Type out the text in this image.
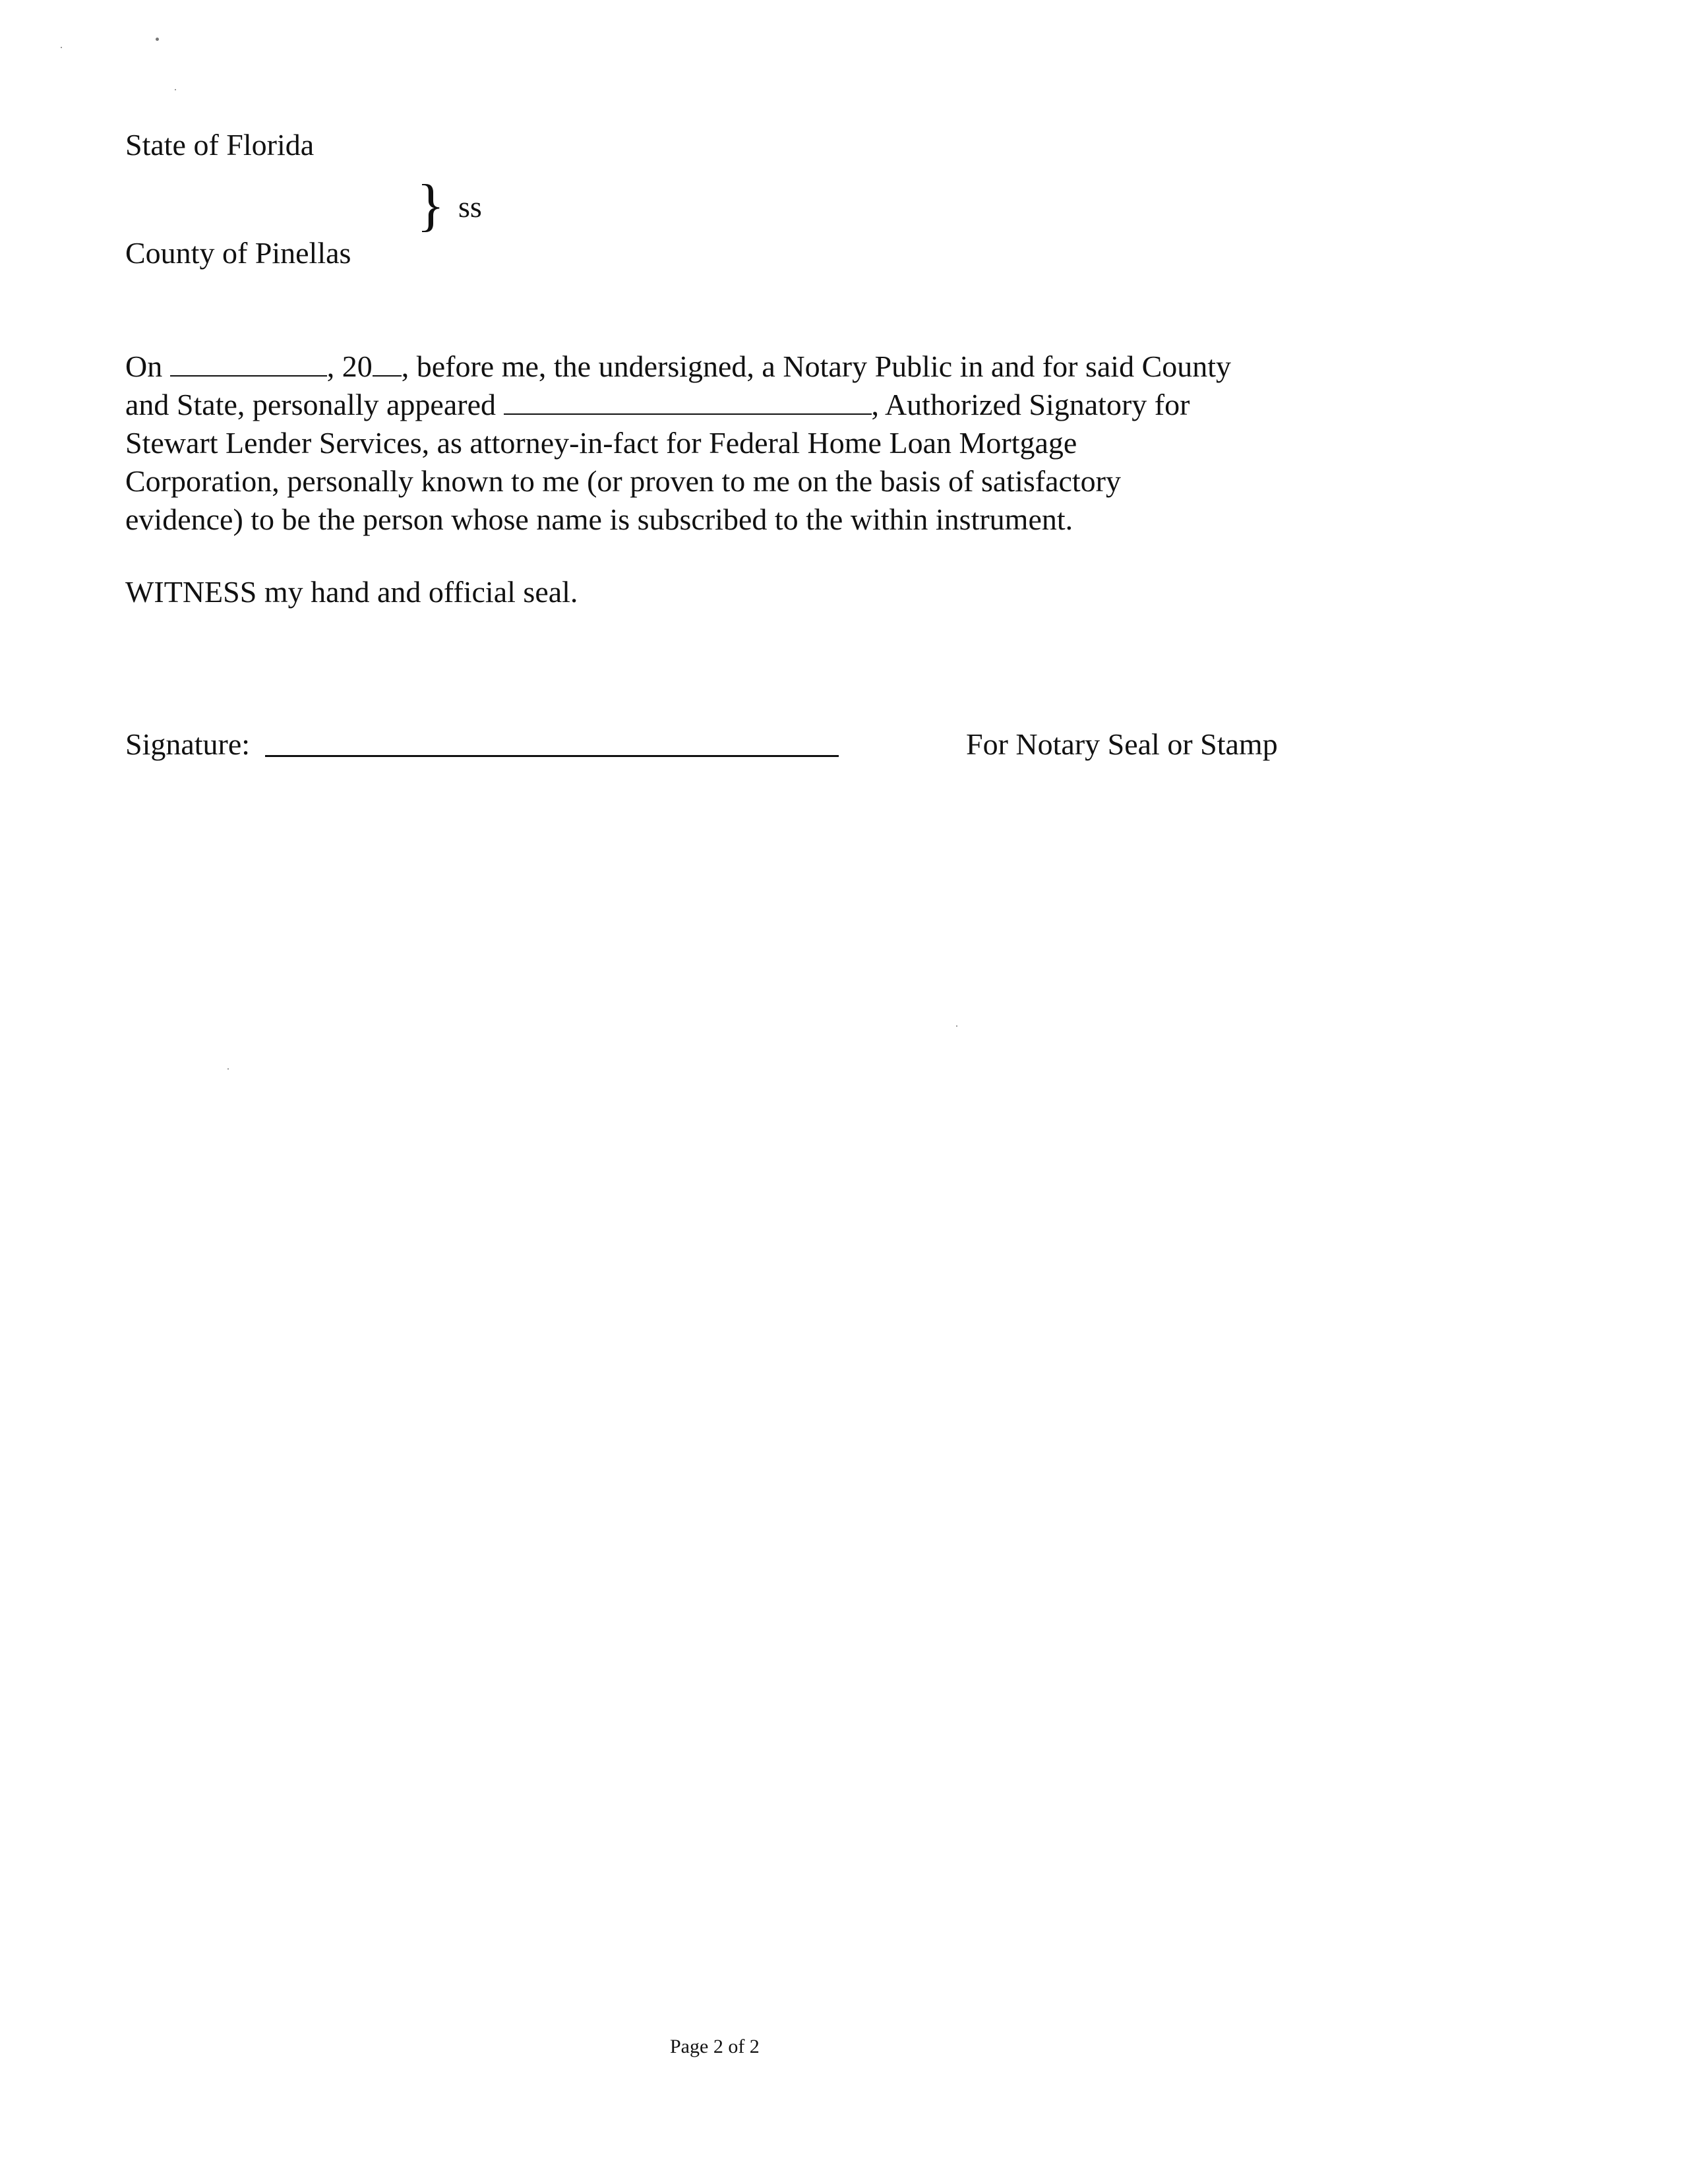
State of Florida
} ss
County of Pinellas
On	, 20 , before me, the undersigned, a Notary Public in and for said County
and State, personally appeared	, Authorized Signatory for
Stewart Lender Services, as attorney-in-fact for Federal Home Loan Mortgage
Corporation, personally known to me (or proven to me on the basis of satisfactory
evidence) to be the person whose name is subscribed to the within instrument.
WITNESS my hand and official seal.
Signature:	For Notary Seal or Stamp
Page 2 of 2
